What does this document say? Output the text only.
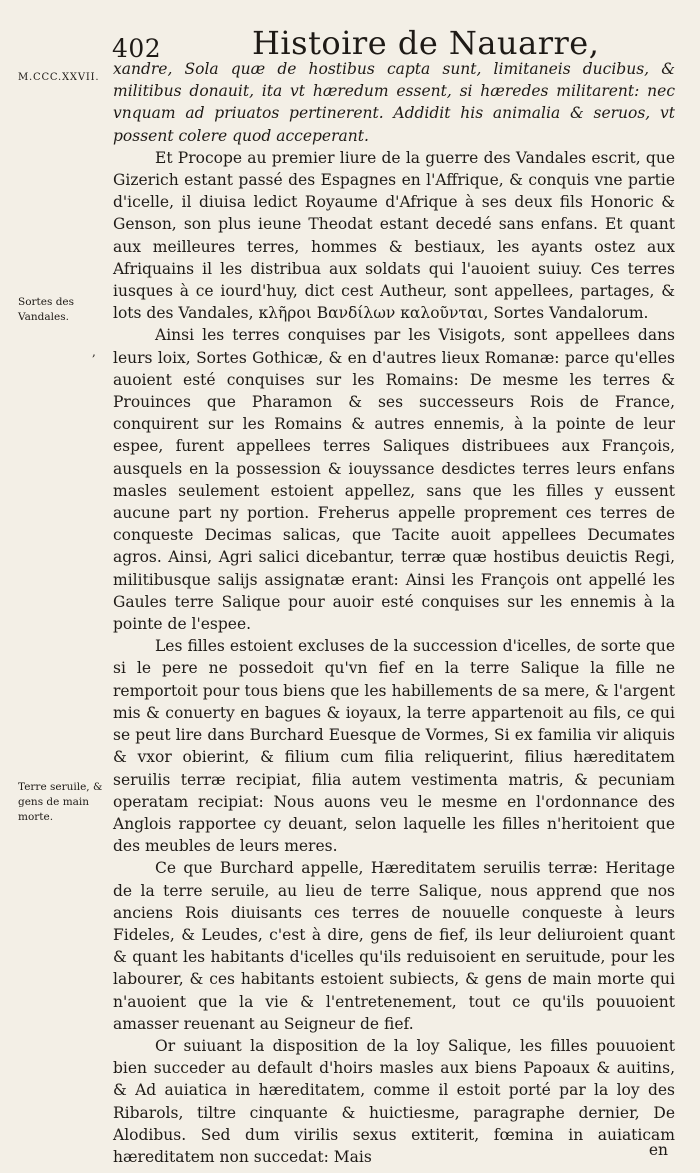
402	Histoire de Nauarre,
M.CCC.XXVII.
Sortes des Vandales.
,
Terre seruile, & gens de main morte.

xandre, Sola quæ de hostibus capta sunt, limitaneis ducibus, & militibus donauit, ita vt hæredum essent, si hæredes militarent: nec vnquam ad priuatos pertinerent. Addidit his animalia & seruos, vt possent colere quod acceperant.

Et Procope au premier liure de la guerre des Vandales escrit, que Gizerich estant passé des Espagnes en l'Affrique, & conquis vne partie d'icelle, il diuisa ledict Royaume d'Afrique à ses deux fils Honoric & Genson, son plus ieune Theodat estant decedé sans enfans. Et quant aux meilleures terres, hommes & bestiaux, les ayants ostez aux Afriquains il les distribua aux soldats qui l'auoient suiuy. Ces terres iusques à ce iourd'huy, dict cest Autheur, sont appellees, partages, & lots des Vandales, κλῆροι Βανδίλων καλοῦνται, Sortes Vandalorum.

Ainsi les terres conquises par les Visigots, sont appellees dans leurs loix, Sortes Gothicæ, & en d'autres lieux Romanæ: parce qu'elles auoient esté conquises sur les Romains: De mesme les terres & Prouinces que Pharamon & ses successeurs Rois de France, conquirent sur les Romains & autres ennemis, à la pointe de leur espee, furent appellees terres Saliques distribuees aux François, ausquels en la possession & iouyssance desdictes terres leurs enfans masles seulement estoient appellez, sans que les filles y eussent aucune part ny portion. Freherus appelle proprement ces terres de conqueste Decimas salicas, que Tacite auoit appellees Decumates agros. Ainsi, Agri salici dicebantur, terræ quæ hostibus deuictis Regi, militibusque salijs assignatæ erant: Ainsi les François ont appellé les Gaules terre Salique pour auoir esté conquises sur les ennemis à la pointe de l'espee.

Les filles estoient excluses de la succession d'icelles, de sorte que si le pere ne possedoit qu'vn fief en la terre Salique la fille ne remportoit pour tous biens que les habillements de sa mere, & l'argent mis & conuerty en bagues & ioyaux, la terre appartenoit au fils, ce qui se peut lire dans Burchard Euesque de Vormes, Si ex familia vir aliquis & vxor obierint, & filium cum filia reliquerint, filius hæreditatem seruilis terræ recipiat, filia autem vestimenta matris, & pecuniam operatam recipiat: Nous auons veu le mesme en l'ordonnance des Anglois rapportee cy deuant, selon laquelle les filles n'heritoient que des meubles de leurs meres.

Ce que Burchard appelle, Hæreditatem seruilis terræ: Heritage de la terre seruile, au lieu de terre Salique, nous apprend que nos anciens Rois diuisants ces terres de nouuelle conqueste à leurs Fideles, & Leudes, c'est à dire, gens de fief, ils leur deliuroient quant & quant les habitants d'icelles qu'ils reduisoient en seruitude, pour les labourer, & ces habitants estoient subiects, & gens de main morte qui n'auoient que la vie & l'entretenement, tout ce qu'ils pouuoient amasser reuenant au Seigneur de fief.

Or suiuant la disposition de la loy Salique, les filles pouuoient bien succeder au default d'hoirs masles aux biens Papoaux & auitins, & Ad auiatica in hæreditatem, comme il estoit porté par la loy des Ribarols, tiltre cinquante & huictiesme, paragraphe dernier, De Alodibus. Sed dum virilis sexus extiterit, fœmina in auiaticam hæreditatem non succedat: Mais	en
